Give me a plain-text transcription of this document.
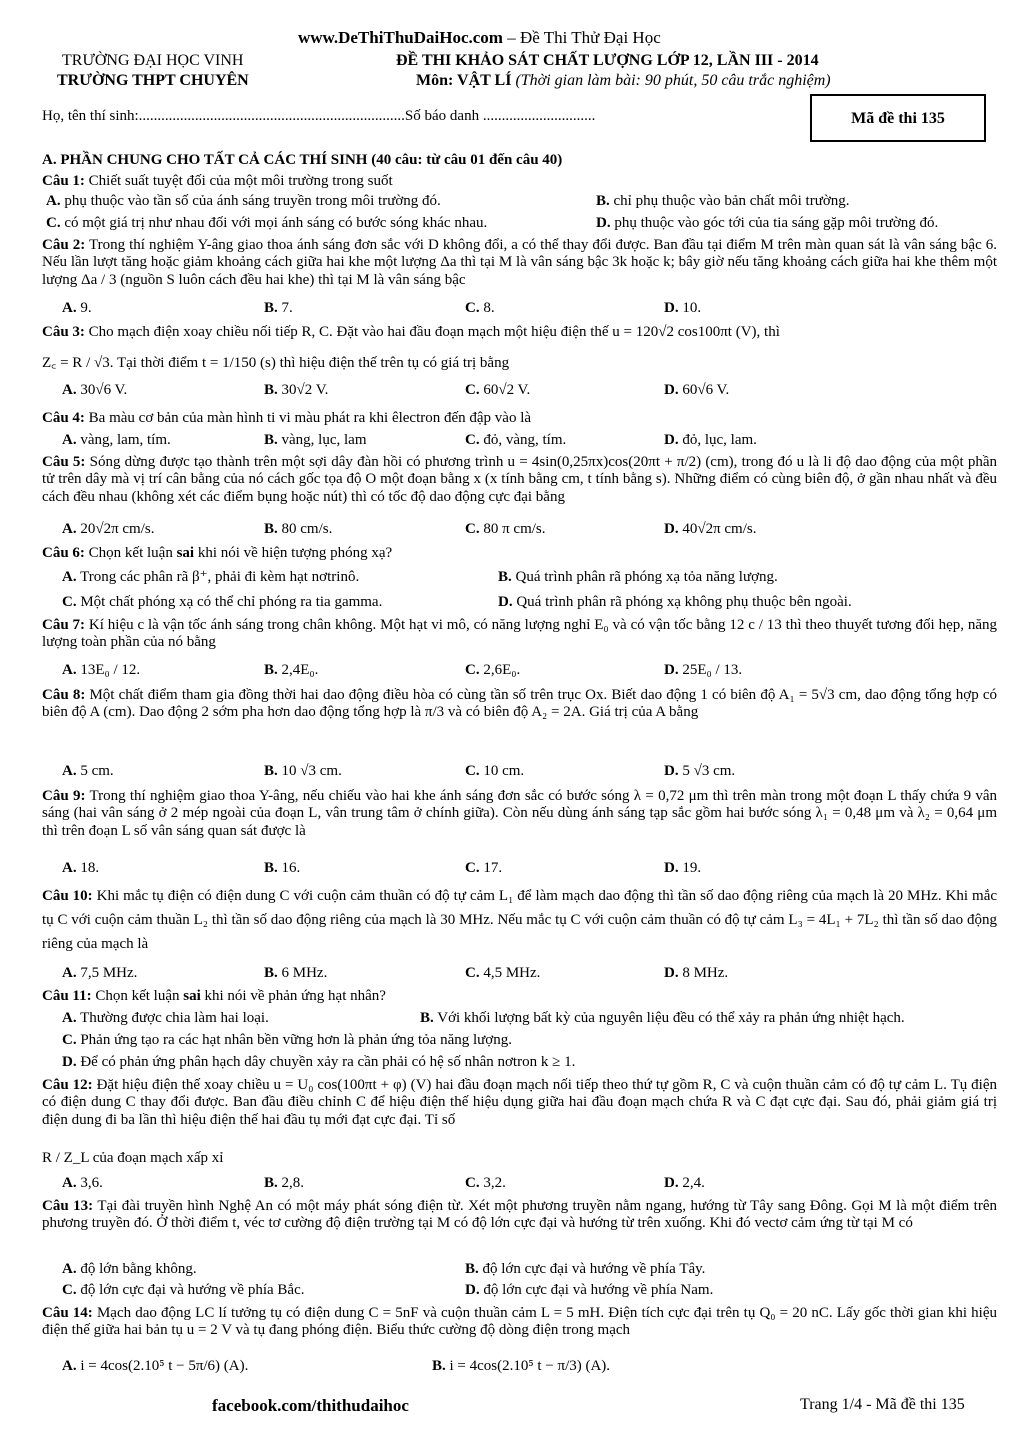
www.DeThiThuDaiHoc.com – Đề Thi Thử Đại Học
TRƯỜNG ĐẠI HỌC VINH
TRƯỜNG THPT CHUYÊN
ĐỀ THI KHẢO SÁT CHẤT LƯỢNG LỚP 12, LẦN III - 2014
Môn: VẬT LÍ (Thời gian làm bài: 90 phút, 50 câu trắc nghiệm)
Họ, tên thí sinh:.......................................................................Số báo danh ..............................	Mã đề thi 135
A. PHẦN CHUNG CHO TẤT CẢ CÁC THÍ SINH (40 câu: từ câu 01 đến câu 40)
Câu 1: Chiết suất tuyệt đối của một môi trường trong suốt
A. phụ thuộc vào tần số của ánh sáng truyền trong môi trường đó.	B. chỉ phụ thuộc vào bản chất môi trường.
C. có một giá trị như nhau đối với mọi ánh sáng có bước sóng khác nhau.	D. phụ thuộc vào góc tới của tia sáng gặp môi trường đó.
Câu 2: Trong thí nghiệm Y-âng giao thoa ánh sáng đơn sắc với D không đổi, a có thể thay đổi được. Ban đầu tại điểm M trên màn quan sát là vân sáng bậc 6. Nếu lần lượt tăng hoặc giảm khoảng cách giữa hai khe một lượng Δa thì tại M là vân sáng bậc 3k hoặc k; bây giờ nếu tăng khoảng cách giữa hai khe thêm một lượng Δa / 3 (nguồn S luôn cách đều hai khe) thì tại M là vân sáng bậc
A. 9.	B. 7.	C. 8.	D. 10.
Câu 3: Cho mạch điện xoay chiều nối tiếp R, C. Đặt vào hai đầu đoạn mạch một hiệu điện thế u = 120√2 cos100πt (V), thì
Z꜀ = R / √3. Tại thời điểm t = 1/150 (s) thì hiệu điện thế trên tụ có giá trị bằng
A. 30√6 V.	B. 30√2 V.	C. 60√2 V.	D. 60√6 V.
Câu 4: Ba màu cơ bản của màn hình ti vi màu phát ra khi êlectron đến đập vào là
A. vàng, lam, tím.	B. vàng, lục, lam	C. đỏ, vàng, tím.	D. đỏ, lục, lam.
Câu 5: Sóng dừng được tạo thành trên một sợi dây đàn hồi có phương trình u = 4sin(0,25πx)cos(20πt + π/2) (cm), trong đó u là li độ dao động của một phần tử trên dây mà vị trí cân bằng của nó cách gốc tọa độ O một đoạn bằng x (x tính bằng cm, t tính bằng s). Những điểm có cùng biên độ, ở gần nhau nhất và đều cách đều nhau (không xét các điểm bụng hoặc nút) thì có tốc độ dao động cực đại bằng
A. 20√2π cm/s.	B. 80 cm/s.	C. 80 π cm/s.	D. 40√2π cm/s.
Câu 6: Chọn kết luận sai khi nói về hiện tượng phóng xạ?
A. Trong các phân rã β⁺, phải đi kèm hạt nơtrinô.	B. Quá trình phân rã phóng xạ tỏa năng lượng.
C. Một chất phóng xạ có thể chỉ phóng ra tia gamma.	D. Quá trình phân rã phóng xạ không phụ thuộc bên ngoài.
Câu 7: Kí hiệu c là vận tốc ánh sáng trong chân không. Một hạt vi mô, có năng lượng nghỉ E₀ và có vận tốc bằng 12 c / 13 thì theo thuyết tương đối hẹp, năng lượng toàn phần của nó bằng
A. 13E₀ / 12.	B. 2,4E₀.	C. 2,6E₀.	D. 25E₀ / 13.
Câu 8: Một chất điểm tham gia đồng thời hai dao động điều hòa có cùng tần số trên trục Ox. Biết dao động 1 có biên độ A₁ = 5√3 cm, dao động tổng hợp có biên độ A (cm). Dao động 2 sớm pha hơn dao động tổng hợp là π/3 và có biên độ A₂ = 2A. Giá trị của A bằng
A. 5 cm.	B. 10 √3 cm.	C. 10 cm.	D. 5 √3 cm.
Câu 9: Trong thí nghiệm giao thoa Y-âng, nếu chiếu vào hai khe ánh sáng đơn sắc có bước sóng λ = 0,72 μm thì trên màn trong một đoạn L thấy chứa 9 vân sáng (hai vân sáng ở 2 mép ngoài của đoạn L, vân trung tâm ở chính giữa). Còn nếu dùng ánh sáng tạp sắc gồm hai bước sóng λ₁ = 0,48 μm và λ₂ = 0,64 μm thì trên đoạn L số vân sáng quan sát được là
A. 18.	B. 16.	C. 17.	D. 19.
Câu 10: Khi mắc tụ điện có điện dung C với cuộn cảm thuần có độ tự cảm L₁ để làm mạch dao động thì tần số dao động riêng của mạch là 20 MHz. Khi mắc tụ C với cuộn cảm thuần L₂ thì tần số dao động riêng của mạch là 30 MHz. Nếu mắc tụ C với cuộn cảm thuần có độ tự cảm L₃ = 4L₁ + 7L₂ thì tần số dao động riêng của mạch là
A. 7,5 MHz.	B. 6 MHz.	C. 4,5 MHz.	D. 8 MHz.
Câu 11: Chọn kết luận sai khi nói về phản ứng hạt nhân?
A. Thường được chia làm hai loại.	B. Với khối lượng bất kỳ của nguyên liệu đều có thể xảy ra phản ứng nhiệt hạch.
C. Phản ứng tạo ra các hạt nhân bền vững hơn là phản ứng tỏa năng lượng.
D. Để có phản ứng phân hạch dây chuyền xảy ra cần phải có hệ số nhân nơtron k ≥ 1.
Câu 12: Đặt hiệu điện thế xoay chiều u = U₀ cos(100πt + φ) (V) hai đầu đoạn mạch nối tiếp theo thứ tự gồm R, C và cuộn thuần cảm có độ tự cảm L. Tụ điện có điện dung C thay đổi được. Ban đầu điều chỉnh C để hiệu điện thế hiệu dụng giữa hai đầu đoạn mạch chứa R và C đạt cực đại. Sau đó, phải giảm giá trị điện dung đi ba lần thì hiệu điện thế hai đầu tụ mới đạt cực đại. Tỉ số
R / Z_L của đoạn mạch xấp xỉ
A. 3,6.	B. 2,8.	C. 3,2.	D. 2,4.
Câu 13: Tại đài truyền hình Nghệ An có một máy phát sóng điện từ. Xét một phương truyền nằm ngang, hướng từ Tây sang Đông. Gọi M là một điểm trên phương truyền đó. Ở thời điểm t, véc tơ cường độ điện trường tại M có độ lớn cực đại và hướng từ trên xuống. Khi đó vectơ cảm ứng từ tại M có
A. độ lớn bằng không.	B. độ lớn cực đại và hướng về phía Tây.
C. độ lớn cực đại và hướng về phía Bắc.	D. độ lớn cực đại và hướng về phía Nam.
Câu 14: Mạch dao động LC lí tưởng tụ có điện dung C = 5nF và cuộn thuần cảm L = 5 mH. Điện tích cực đại trên tụ Q₀ = 20 nC. Lấy gốc thời gian khi hiệu điện thế giữa hai bản tụ u = 2 V và tụ đang phóng điện. Biểu thức cường độ dòng điện trong mạch
A. i = 4cos(2.10⁵ t − 5π/6) (A).	B. i = 4cos(2.10⁵ t − π/3) (A).
facebook.com/thithudaihoc	Trang 1/4 - Mã đề thi 135
